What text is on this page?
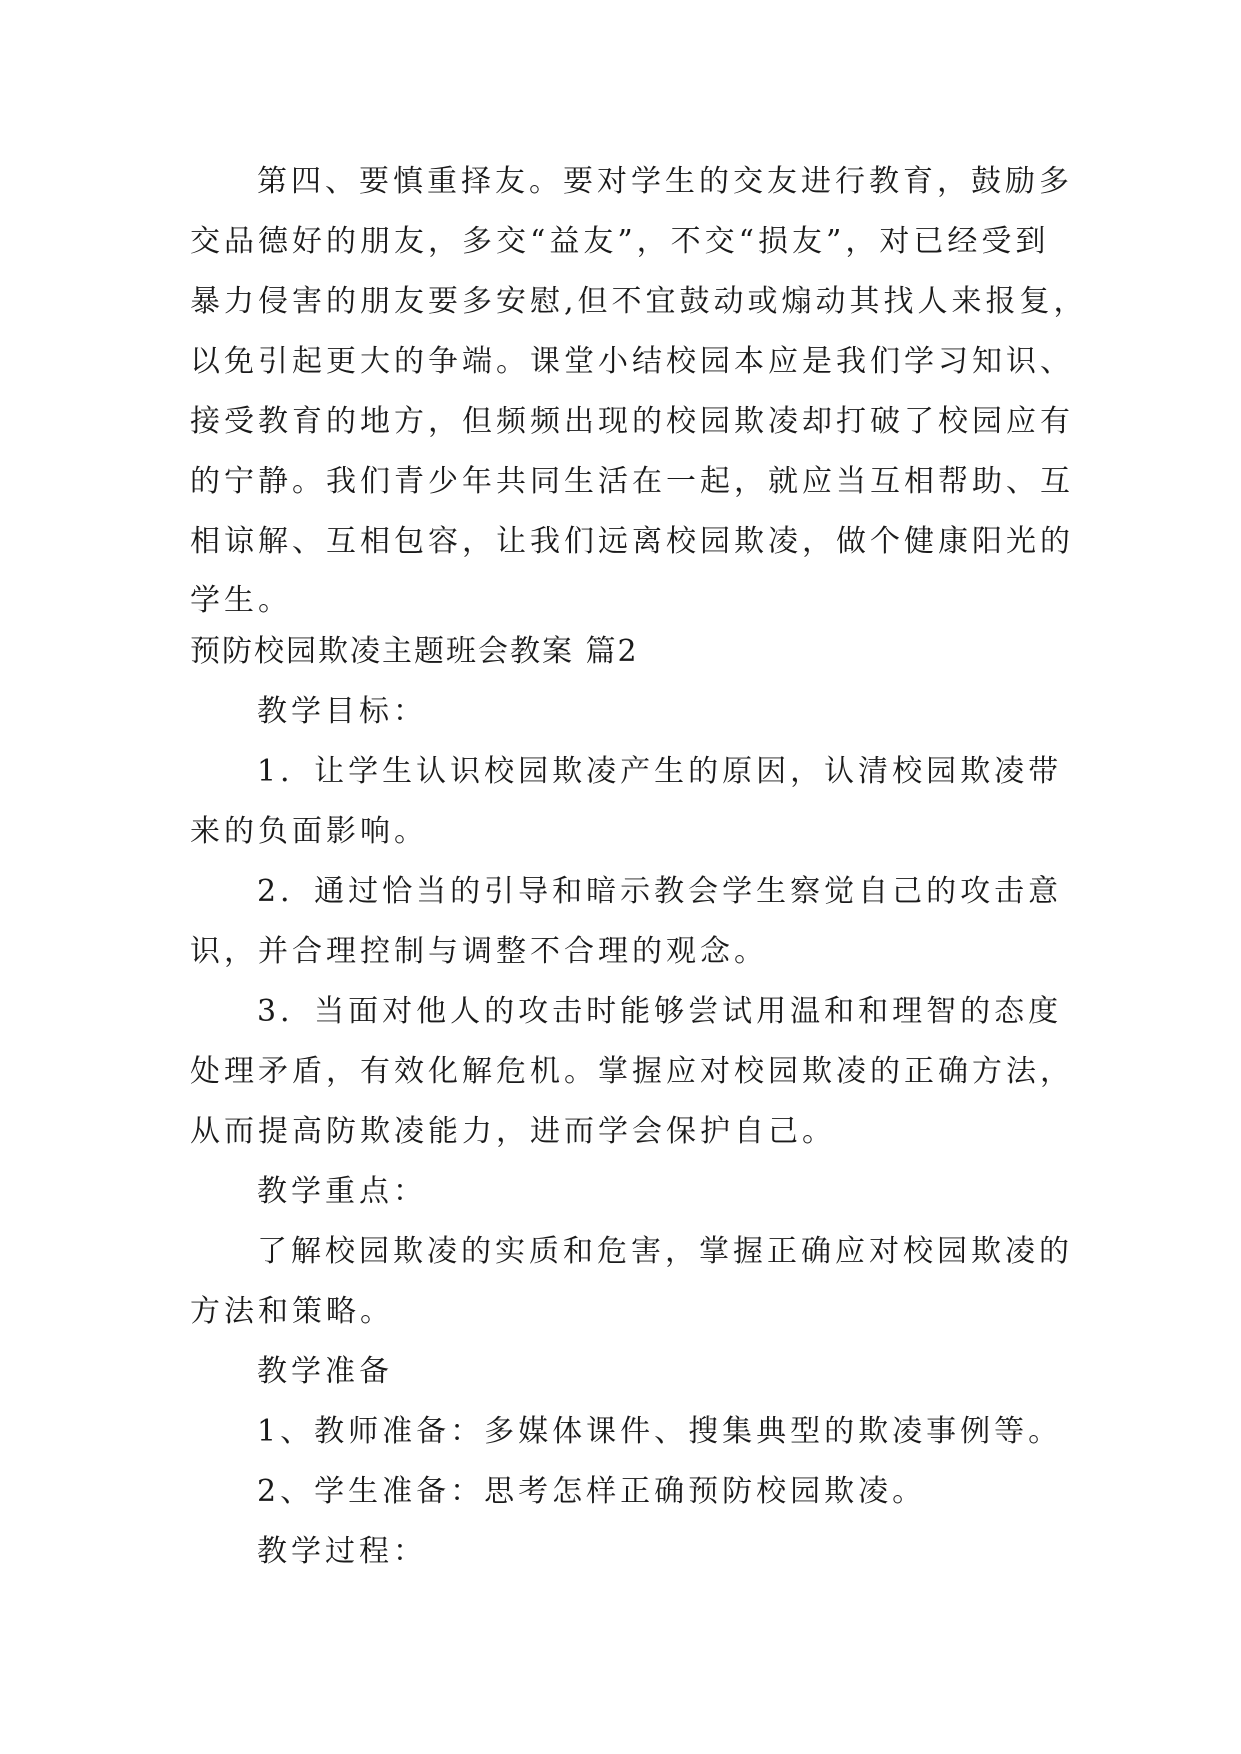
第四、要慎重择友。要对学生的交友进行教育，鼓励多

交品德好的朋友，多交“益友”，不交“损友”，对已经受到

暴力侵害的朋友要多安慰,但不宜鼓动或煽动其找人来报复，

以免引起更大的争端。课堂小结校园本应是我们学习知识、

接受教育的地方，但频频出现的校园欺凌却打破了校园应有

的宁静。我们青少年共同生活在一起，就应当互相帮助、互

相谅解、互相包容，让我们远离校园欺凌，做个健康阳光的

学生。

预防校园欺凌主题班会教案 篇2

教学目标：

1．让学生认识校园欺凌产生的原因，认清校园欺凌带

来的负面影响。

2．通过恰当的引导和暗示教会学生察觉自己的攻击意

识，并合理控制与调整不合理的观念。

3．当面对他人的攻击时能够尝试用温和和理智的态度

处理矛盾，有效化解危机。掌握应对校园欺凌的正确方法，

从而提高防欺凌能力，进而学会保护自己。

教学重点：

了解校园欺凌的实质和危害，掌握正确应对校园欺凌的

方法和策略。

教学准备

1、教师准备：多媒体课件、搜集典型的欺凌事例等。

2、学生准备：思考怎样正确预防校园欺凌。

教学过程：
